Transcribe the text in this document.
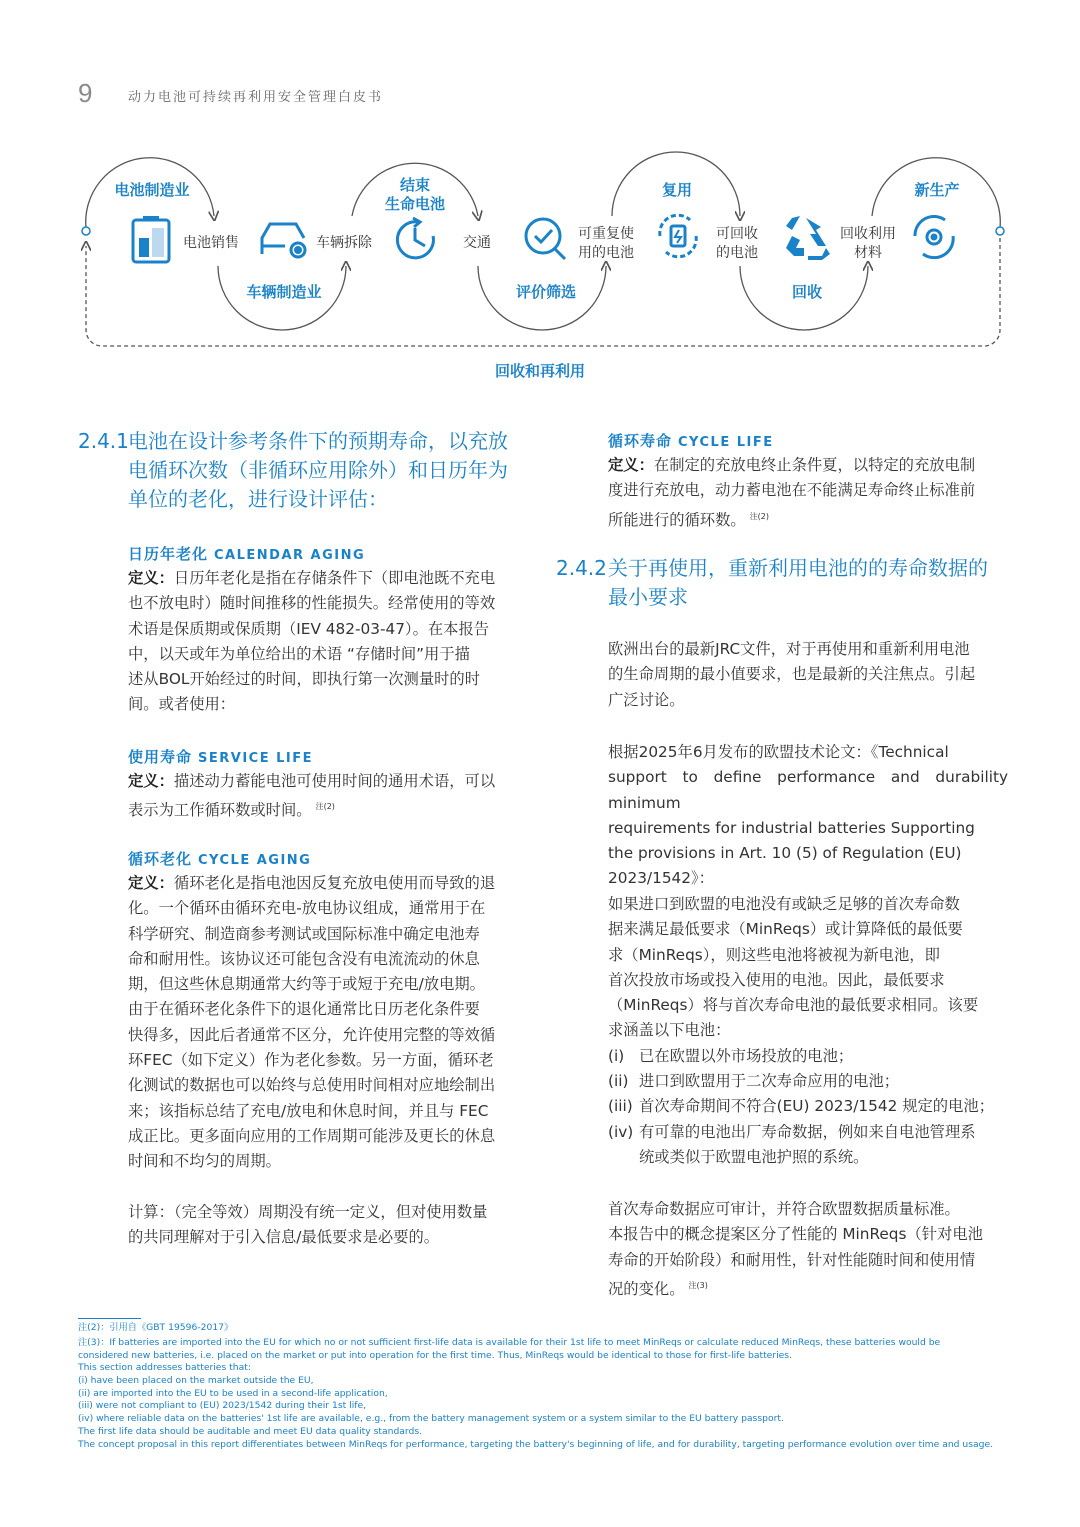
9	动力电池可持续再利用安全管理白皮书
电池制造业	结束
生命电池
复用	新生产
车辆制造业	评价筛选	回收
电池销售	车辆拆除	交通
可重复使
用的电池
可回收
的电池
回收利用
材料
回收和再利用
2.4.1 电池在设计参考条件下的预期寿命，以充放
电循环次数（非循环应用除外）和日历年为
单位的老化，进行设计评估：
日历年老化 CALENDAR AGING
定义：日历年老化是指在存储条件下（即电池既不充电
也不放电时）随时间推移的性能损失。经常使用的等效
术语是保质期或保质期（IEV 482-03-47）。在本报告
中，以天或年为单位给出的术语 “存储时间”用于描
述从BOL开始经过的时间，即执行第一次测量时的时
间。或者使用：
使用寿命 SERVICE LIFE
定义：描述动力蓄能电池可使用时间的通用术语，可以
表示为工作循环数或时间。 $^{注(2)}$
循环老化 CYCLE AGING
定义：循环老化是指电池因反复充放电使用而导致的退
化。一个循环由循环充电-放电协议组成，通常用于在
科学研究、制造商参考测试或国际标准中确定电池寿
命和耐用性。该协议还可能包含没有电流流动的休息
期，但这些休息期通常大约等于或短于充电/放电期。
由于在循环老化条件下的退化通常比日历老化条件要
快得多，因此后者通常不区分，允许使用完整的等效循
环FEC（如下定义）作为老化参数。另一方面，循环老
化测试的数据也可以始终与总使用时间相对应地绘制出
来；该指标总结了充电/放电和休息时间，并且与 FEC
成正比。更多面向应用的工作周期可能涉及更长的休息
时间和不均匀的周期。
计算：（完全等效）周期没有统一定义，但对使用数量
的共同理解对于引入信息/最低要求是必要的。
循环寿命 CYCLE LIFE
定义：在制定的充放电终止条件夏，以特定的充放电制
度进行充放电，动力蓄电池在不能满足寿命终止标准前
所能进行的循环数。 $^{注(2)}$
2.4.2 关于再使用，重新利用电池的的寿命数据的
最小要求
欧洲出台的最新JRC文件，对于再使用和重新利用电池
的生命周期的最小值要求，也是最新的关注焦点。引起
广泛讨论。
根据2025年6月发布的欧盟技术论文：《Technical
support to define performance and durability minimum
requirements for industrial batteries Supporting
the provisions in Art. 10 (5) of Regulation (EU)
2023/1542》：
如果进口到欧盟的电池没有或缺乏足够的首次寿命数
据来满足最低要求（MinReqs）或计算降低的最低要
求（MinReqs），则这些电池将被视为新电池，即
首次投放市场或投入使用的电池。因此，最低要求
（MinReqs）将与首次寿命电池的最低要求相同。该要
求涵盖以下电池：
(i) 已在欧盟以外市场投放的电池；
(ii) 进口到欧盟用于二次寿命应用的电池；
(iii) 首次寿命期间不符合(EU) 2023/1542 规定的电池；
(iv) 有可靠的电池出厂寿命数据，例如来自电池管理系
统或类似于欧盟电池护照的系统。
首次寿命数据应可审计，并符合欧盟数据质量标准。
本报告中的概念提案区分了性能的 MinReqs（针对电池
寿命的开始阶段）和耐用性，针对性能随时间和使用情
况的变化。 $^{注(3)}$
注(2)：引用自《GBT 19596-2017》
注(3)：If batteries are imported into the EU for which no or not sufficient first-life data is available for their 1st life to meet MinReqs or calculate reduced MinReqs, these batteries would be
considered new batteries, i.e. placed on the market or put into operation for the first time. Thus, MinReqs would be identical to those for first-life batteries.
This section addresses batteries that:
(i) have been placed on the market outside the EU,
(ii) are imported into the EU to be used in a second-life application,
(iii) were not compliant to (EU) 2023/1542 during their 1st life,
(iv) where reliable data on the batteries' 1st life are available, e.g., from the battery management system or a system similar to the EU battery passport.
The first life data should be auditable and meet EU data quality standards.
The concept proposal in this report differentiates between MinReqs for performance, targeting the battery's beginning of life, and for durability, targeting performance evolution over time and usage.
